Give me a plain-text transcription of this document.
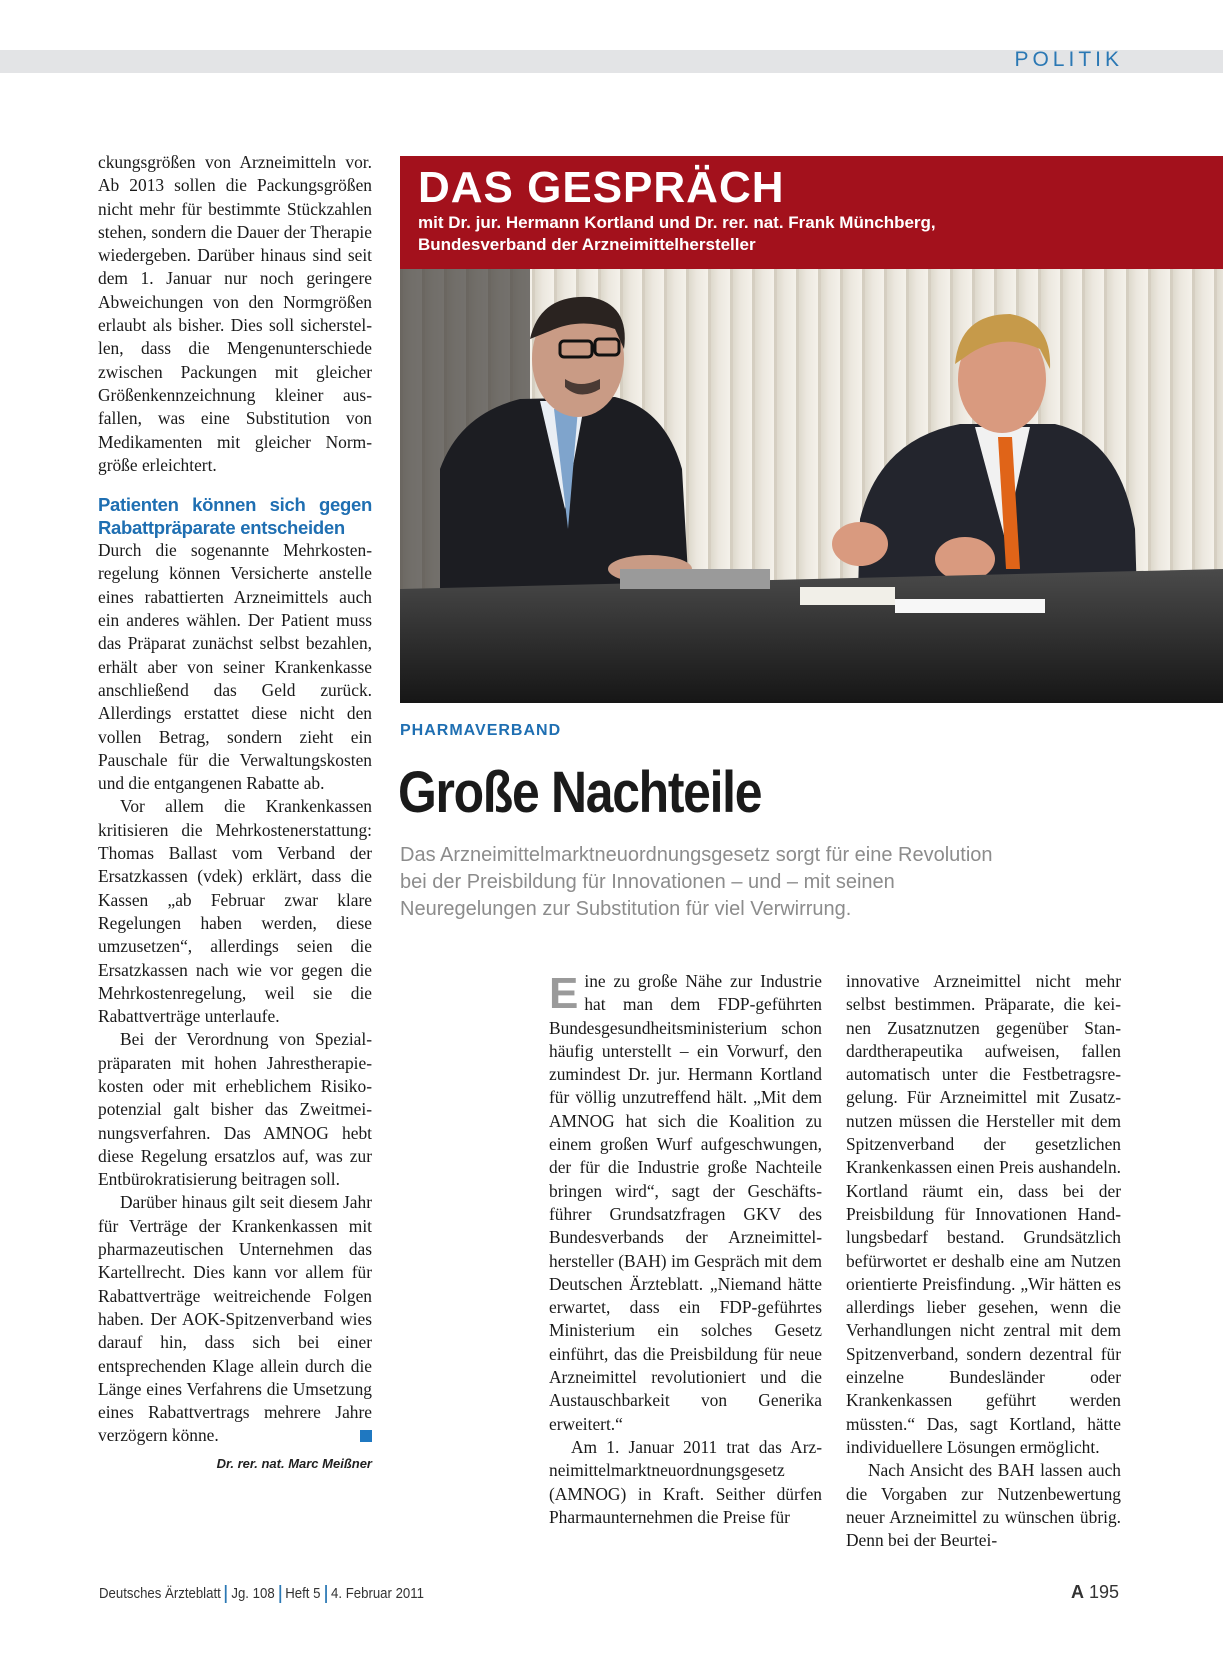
POLITIK

ckungsgrößen von Arzneimitteln vor. Ab 2013 sollen die Packungsgrößen nicht mehr für bestimmte Stückzahlen stehen, sondern die Dauer der Therapie wiedergeben. Darüber hinaus sind seit dem 1. Januar nur noch geringere Abweichungen von den Normgrößen erlaubt als bisher. Dies soll sicherstellen, dass die Mengenunterschiede zwischen Packungen mit gleicher Größenkennzeichnung kleiner ausfallen, was eine Substitution von Medikamenten mit gleicher Normgröße erleichtert.

Patienten können sich gegen Rabattpräparate entscheiden

Durch die sogenannte Mehrkostenregelung können Versicherte anstelle eines rabattierten Arzneimittels auch ein anderes wählen. Der Patient muss das Präparat zunächst selbst bezahlen, erhält aber von seiner Krankenkasse anschließend das Geld zurück. Allerdings erstattet diese nicht den vollen Betrag, sondern zieht ein Pauschale für die Verwaltungskosten und die entgangenen Rabatte ab.

Vor allem die Krankenkassen kritisieren die Mehrkostenerstattung: Thomas Ballast vom Verband der Ersatzkassen (vdek) erklärt, dass die Kassen „ab Februar zwar klare Regelungen haben werden, diese umzusetzen“, allerdings seien die Ersatzkassen nach wie vor gegen die Mehrkostenregelung, weil sie die Rabattverträge unterlaufe.

Bei der Verordnung von Spezialpräparaten mit hohen Jahrestherapiekosten oder mit erheblichem Risikopotenzial galt bisher das Zweitmeinungsverfahren. Das AMNOG hebt diese Regelung ersatzlos auf, was zur Entbürokratisierung beitragen soll.

Darüber hinaus gilt seit diesem Jahr für Verträge der Krankenkassen mit pharmazeutischen Unternehmen das Kartellrecht. Dies kann vor allem für Rabattverträge weitreichende Folgen haben. Der AOK-Spitzenverband wies darauf hin, dass sich bei einer entsprechenden Klage allein durch die Länge eines Verfahrens die Umsetzung eines Rabattvertrags mehrere Jahre verzögern könne.

Dr. rer. nat. Marc Meißner
DAS GESPRÄCH
mit Dr. jur. Hermann Kortland und Dr. rer. nat. Frank Münchberg,
Bundesverband der Arzneimittelhersteller
PHARMAVERBAND
Große Nachteile
Das Arzneimittelmarktneuordnungsgesetz sorgt für eine Revolution bei der Preisbildung für Innovationen – und – mit seinen Neuregelungen zur Substitution für viel Verwirrung.

Eine zu große Nähe zur Industrie hat man dem FDP-geführten Bundesgesundheitsministerium schon häufig unterstellt – ein Vorwurf, den zumindest Dr. jur. Hermann Kortland für völlig unzutreffend hält. „Mit dem AMNOG hat sich die Koalition zu einem großen Wurf aufgeschwungen, der für die Industrie große Nachteile bringen wird“, sagt der Geschäftsführer Grundsatzfragen GKV des Bundesverbands der Arzneimittelhersteller (BAH) im Gespräch mit dem Deutschen Ärzteblatt. „Niemand hätte erwartet, dass ein FDP-geführtes Ministerium ein solches Gesetz einführt, das die Preisbildung für neue Arzneimittel revolutioniert und die Austauschbarkeit von Generika erweitert.“

Am 1. Januar 2011 trat das Arzneimittelmarktneuordnungsgesetz (AMNOG) in Kraft. Seither dürfen Pharmaunternehmen die Preise für

innovative Arzneimittel nicht mehr selbst bestimmen. Präparate, die keinen Zusatznutzen gegenüber Standardtherapeutika aufweisen, fallen automatisch unter die Festbetragsregelung. Für Arzneimittel mit Zusatznutzen müssen die Hersteller mit dem Spitzenverband der gesetzlichen Krankenkassen einen Preis aushandeln. Kortland räumt ein, dass bei der Preisbildung für Innovationen Handlungsbedarf bestand. Grundsätzlich befürwortet er deshalb eine am Nutzen orientierte Preisfindung. „Wir hätten es allerdings lieber gesehen, wenn die Verhandlungen nicht zentral mit dem Spitzenverband, sondern dezentral für einzelne Bundesländer oder Krankenkassen geführt werden müssten.“ Das, sagt Kortland, hätte individuellere Lösungen ermöglicht.

Nach Ansicht des BAH lassen auch die Vorgaben zur Nutzenbewertung neuer Arzneimittel zu wünschen übrig. Denn bei der Beurtei-

Deutsches Ärzteblatt Jg. 108 Heft 5 4. Februar 2011	A 195
